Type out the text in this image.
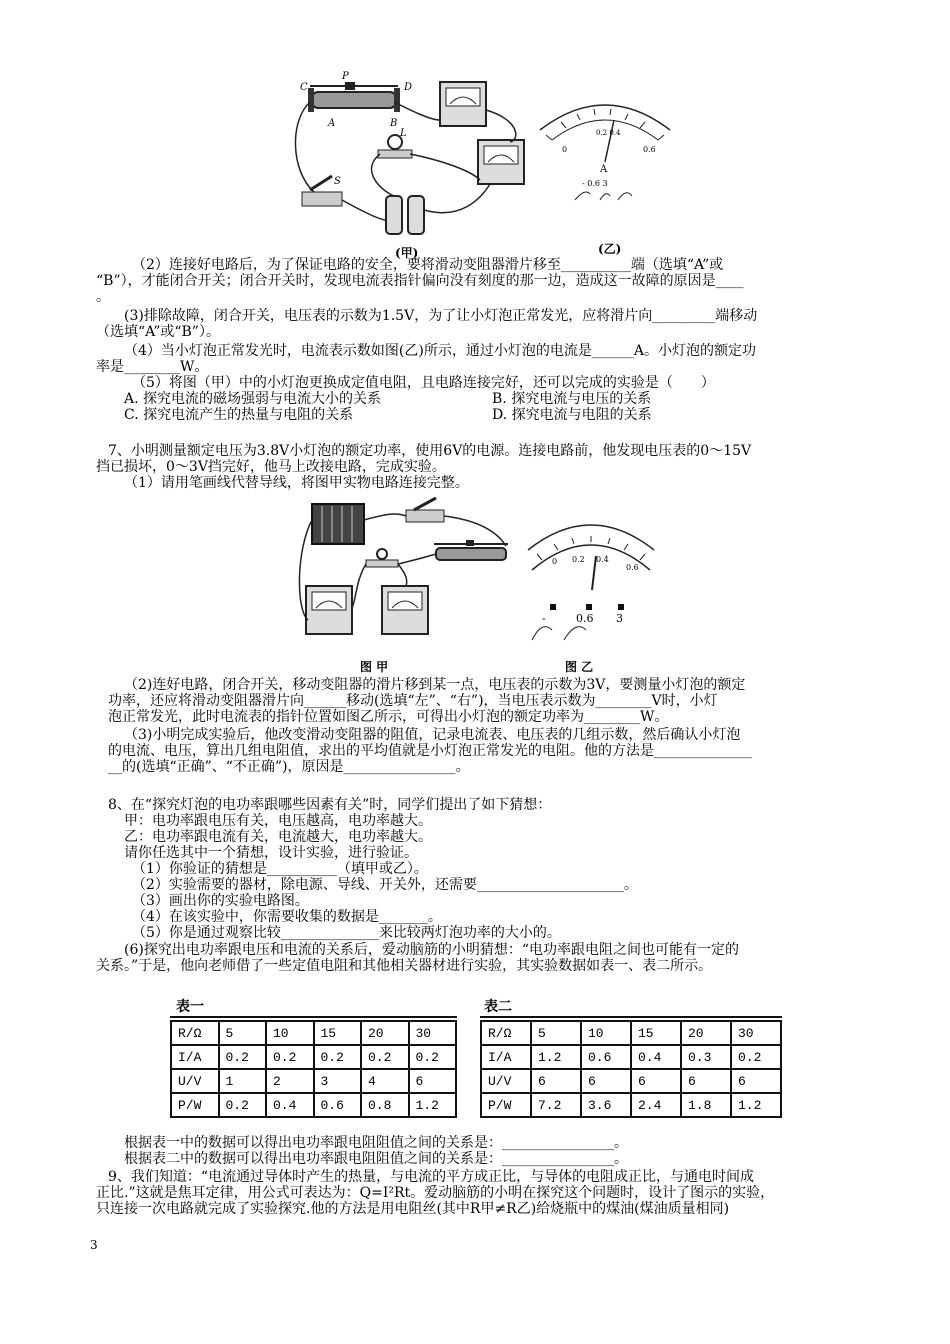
C
P
D
A	B
L
S
0
0.2 0.4
0.6
A
- 0.6 3
(甲)	(乙)
（2）连接好电路后，为了保证电路的安全，要将滑动变阻器滑片移至__________端（选填“A”或
“B”），才能闭合开关；闭合开关时，发现电流表指针偏向没有刻度的那一边，造成这一故障的原因是____
。
(3)排除故障，闭合开关，电压表的示数为1.5V，为了让小灯泡正常发光，应将滑片向_________端移动
（选填“A”或“B”）。
（4）当小灯泡正常发光时，电流表示数如图(乙)所示，通过小灯泡的电流是______A。小灯泡的额定功
率是________W。
（5）将图（甲）中的小灯泡更换成定值电阻，且电路连接完好，还可以完成的实验是（　　）
A. 探究电流的磁场强弱与电流大小的关系	B. 探究电流与电压的关系
C. 探究电流产生的热量与电阻的关系	D. 探究电流与电阻的关系
7、小明测量额定电压为3.8V小灯泡的额定功率，使用6V的电源。连接电路前，他发现电压表的0～15V
挡已损坏，0～3V挡完好，他马上改接电路，完成实验。
（1）请用笔画线代替导线，将图甲实物电路连接完整。
0 0.2 0.4
0.6
-	0.6 3
图 甲	图 乙
（2)连好电路，闭合开关，移动变阻器的滑片移到某一点，电压表的示数为3V，要测量小灯泡的额定
功率，还应将滑动变阻器滑片向______移动(选填“左”、“右”)，当电压表示数为________V时，小灯
泡正常发光，此时电流表的指针位置如图乙所示，可得出小灯泡的额定功率为________W。
（3)小明完成实验后，他改变滑动变阻器的阻值，记录电流表、电压表的几组示数，然后确认小灯泡
的电流、电压，算出几组电阻值，求出的平均值就是小灯泡正常发光的电阻。他的方法是______________
__的(选填“正确”、“不正确”)，原因是________________。
8、在“探究灯泡的电功率跟哪些因素有关”时，同学们提出了如下猜想：
甲：电功率跟电压有关，电压越高，电功率越大。
乙：电功率跟电流有关，电流越大，电功率越大。
请你任选其中一个猜想，设计实验，进行验证。
（1）你验证的猜想是__________（填甲或乙）。
（2）实验需要的器材，除电源、导线、开关外，还需要_____________________。
（3）画出你的实验电路图。
（4）在该实验中，你需要收集的数据是_______。
（5）你是通过观察比较______________来比较两灯泡功率的大小的。
(6)探究出电功率跟电压和电流的关系后，爱动脑筋的小明猜想：“电功率跟电阻之间也可能有一定的
关系。”于是，他向老师借了一些定值电阻和其他相关器材进行实验，其实验数据如表一、表二所示。
表一
R/Ω	5	10	15	20	30
I/A	0.2	0.2	0.2	0.2	0.2
U/V	1	2	3	4	6
P/W	0.2	0.4	0.6	0.8	1.2
表二
R/Ω	5	10	15	20	30
I/A	1.2	0.6	0.4	0.3	0.2
U/V	6	6	6	6	6
P/W	7.2	3.6	2.4	1.8	1.2
根据表一中的数据可以得出电功率跟电阻阻值之间的关系是：________________。
根据表二中的数据可以得出电功率跟电阻阻值之间的关系是：________________。
9、我们知道：“电流通过导体时产生的热量，与电流的平方成正比，与导体的电阻成正比，与通电时间成
正比.”这就是焦耳定律，用公式可表达为：Q=I²Rt。爱动脑筋的小明在探究这个问题时，设计了图示的实验，
只连接一次电路就完成了实验探究.他的方法是用电阻丝(其中R甲≠R乙)给烧瓶中的煤油(煤油质量相同)
3
